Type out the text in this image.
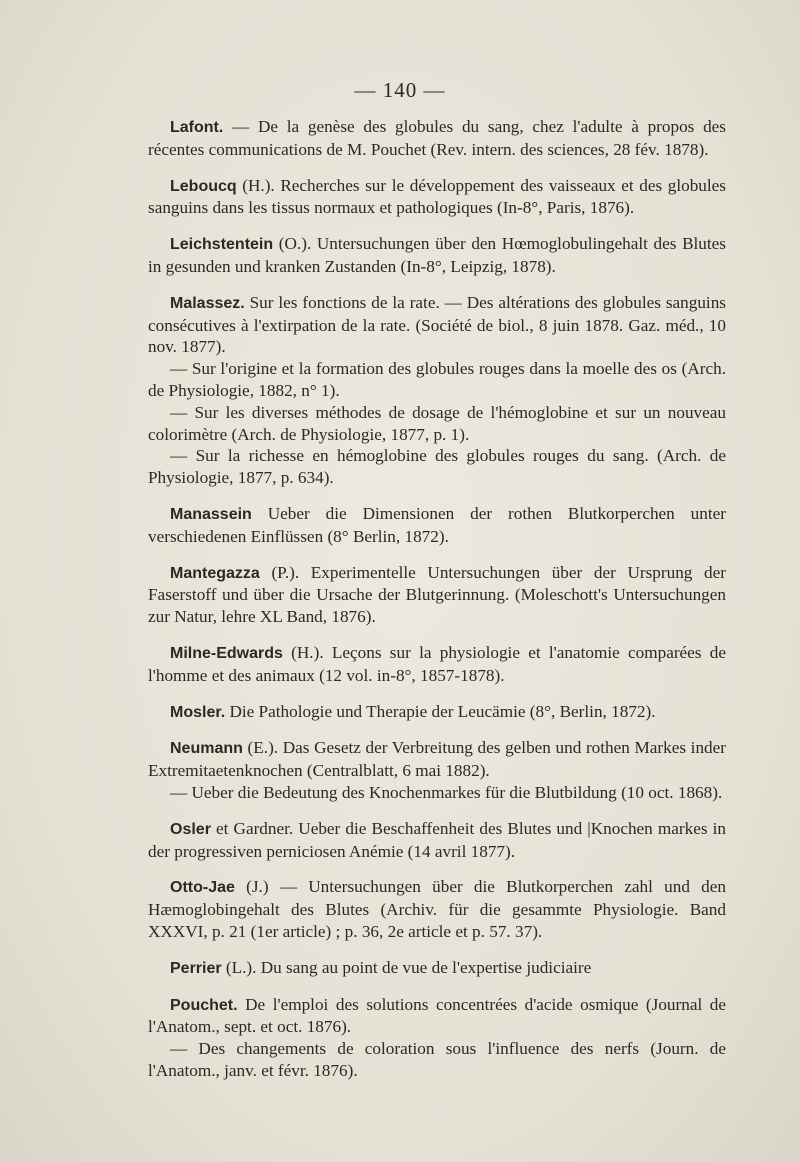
— 140 —

Lafont. — De la genèse des globules du sang, chez l'adulte à propos des récentes communications de M. Pouchet (Rev. intern. des sciences, 28 fév. 1878).

Leboucq (H.). Recherches sur le développement des vaisseaux et des globules sanguins dans les tissus normaux et pathologiques (In-8°, Paris, 1876).

Leichstentein (O.). Untersuchungen über den Hœmoglobulingehalt des Blutes in gesunden und kranken Zustanden (In-8°, Leipzig, 1878).

Malassez. Sur les fonctions de la rate. — Des altérations des globules sanguins consécutives à l'extirpation de la rate. (Société de biol., 8 juin 1878. Gaz. méd., 10 nov. 1877).

— Sur l'origine et la formation des globules rouges dans la moelle des os (Arch. de Physiologie, 1882, n° 1).

— Sur les diverses méthodes de dosage de l'hémoglobine et sur un nouveau colorimètre (Arch. de Physiologie, 1877, p. 1).

— Sur la richesse en hémoglobine des globules rouges du sang. (Arch. de Physiologie, 1877, p. 634).

Manassein Ueber die Dimensionen der rothen Blutkorperchen unter verschiedenen Einflüssen (8° Berlin, 1872).

Mantegazza (P.). Experimentelle Untersuchungen über der Ursprung der Faserstoff und über die Ursache der Blutgerinnung. (Moleschott's Untersuchungen zur Natur, lehre XL Band, 1876).

Milne-Edwards (H.). Leçons sur la physiologie et l'anatomie comparées de l'homme et des animaux (12 vol. in-8°, 1857-1878).

Mosler. Die Pathologie und Therapie der Leucämie (8°, Berlin, 1872).

Neumann (E.). Das Gesetz der Verbreitung des gelben und rothen Markes inder Extremitaetenknochen (Centralblatt, 6 mai 1882).

— Ueber die Bedeutung des Knochenmarkes für die Blutbildung (10 oct. 1868).

Osler et Gardner. Ueber die Beschaffenheit des Blutes und |Knochen markes in der progressiven perniciosen Anémie (14 avril 1877).

Otto-Jae (J.) — Untersuchungen über die Blutkorperchen zahl und den Hæmoglobingehalt des Blutes (Archiv. für die gesammte Physiologie. Band XXXVI, p. 21 (1er article) ; p. 36, 2e article et p. 57. 37).

Perrier (L.). Du sang au point de vue de l'expertise judiciaire

Pouchet. De l'emploi des solutions concentrées d'acide osmique (Journal de l'Anatom., sept. et oct. 1876).

— Des changements de coloration sous l'influence des nerfs (Journ. de l'Anatom., janv. et févr. 1876).
